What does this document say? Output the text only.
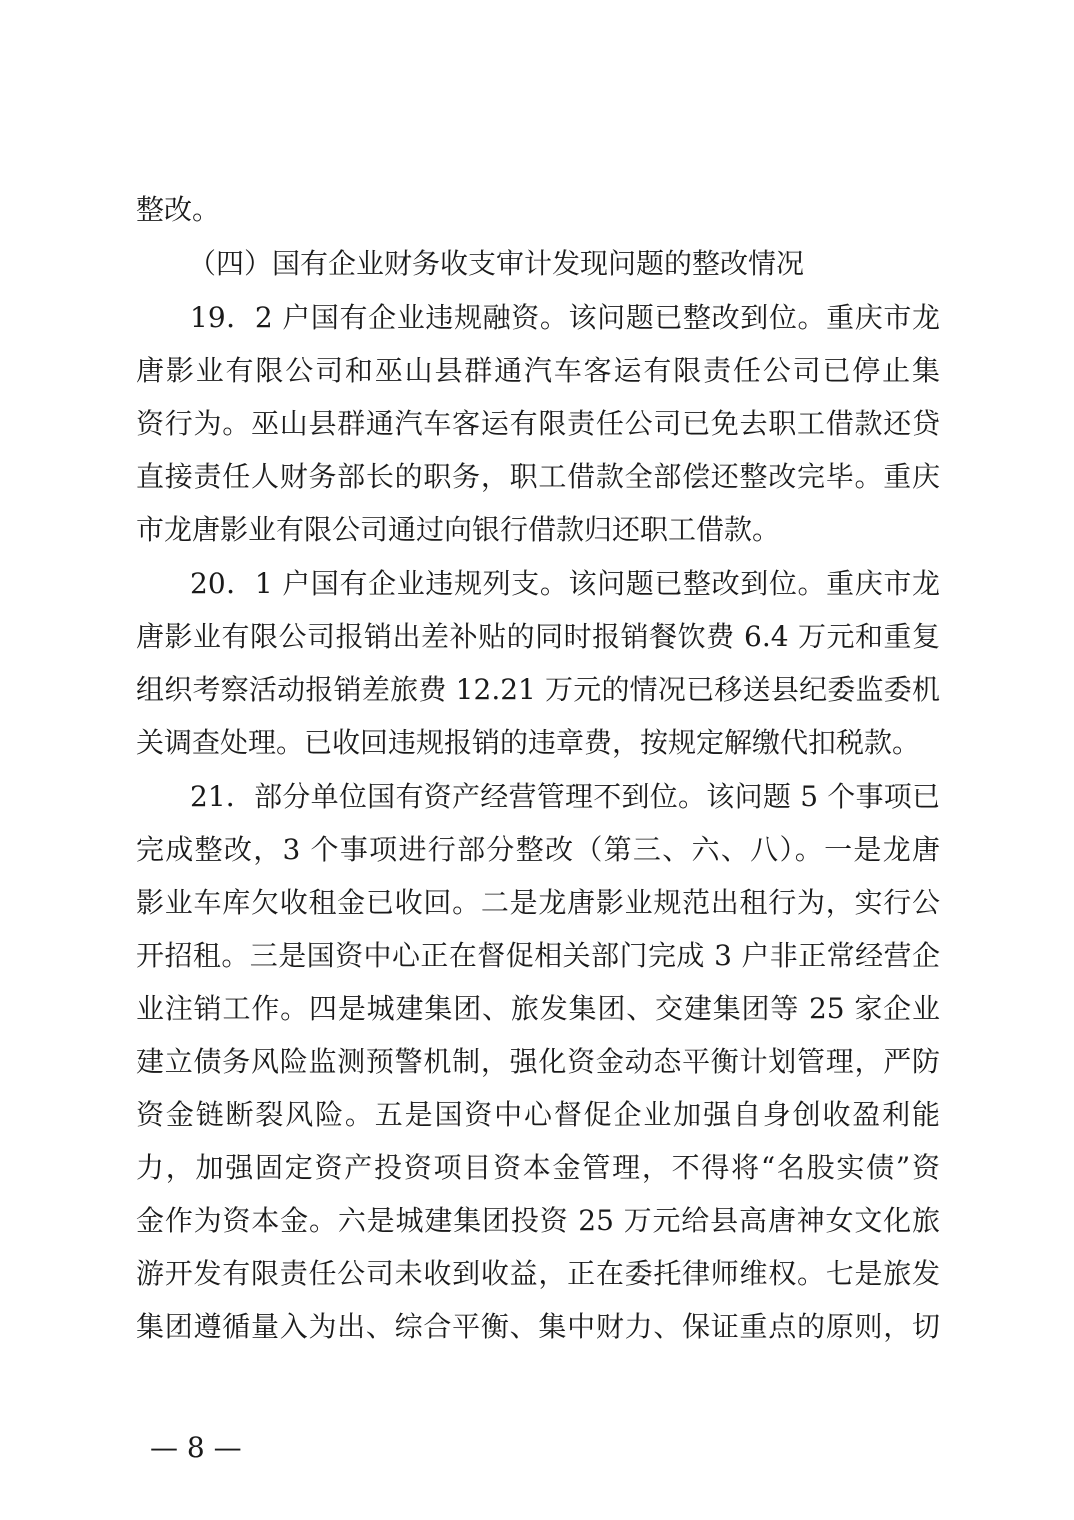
整改。
（四）国有企业财务收支审计发现问题的整改情况
19．2 户国有企业违规融资。该问题已整改到位。重庆市龙
唐影业有限公司和巫山县群通汽车客运有限责任公司已停止集
资行为。巫山县群通汽车客运有限责任公司已免去职工借款还贷
直接责任人财务部长的职务，职工借款全部偿还整改完毕。重庆
市龙唐影业有限公司通过向银行借款归还职工借款。
20．1 户国有企业违规列支。该问题已整改到位。重庆市龙
唐影业有限公司报销出差补贴的同时报销餐饮费 6.4 万元和重复
组织考察活动报销差旅费 12.21 万元的情况已移送县纪委监委机
关调查处理。已收回违规报销的违章费，按规定解缴代扣税款。
21．部分单位国有资产经营管理不到位。该问题 5 个事项已
完成整改，3 个事项进行部分整改（第三、六、八）。一是龙唐
影业车库欠收租金已收回。二是龙唐影业规范出租行为，实行公
开招租。三是国资中心正在督促相关部门完成 3 户非正常经营企
业注销工作。四是城建集团、旅发集团、交建集团等 25 家企业
建立债务风险监测预警机制，强化资金动态平衡计划管理，严防
资金链断裂风险。五是国资中心督促企业加强自身创收盈利能
力，加强固定资产投资项目资本金管理，不得将“名股实债”资
金作为资本金。六是城建集团投资 25 万元给县高唐神女文化旅
游开发有限责任公司未收到收益，正在委托律师维权。七是旅发
集团遵循量入为出、综合平衡、集中财力、保证重点的原则，切
— 8 —
